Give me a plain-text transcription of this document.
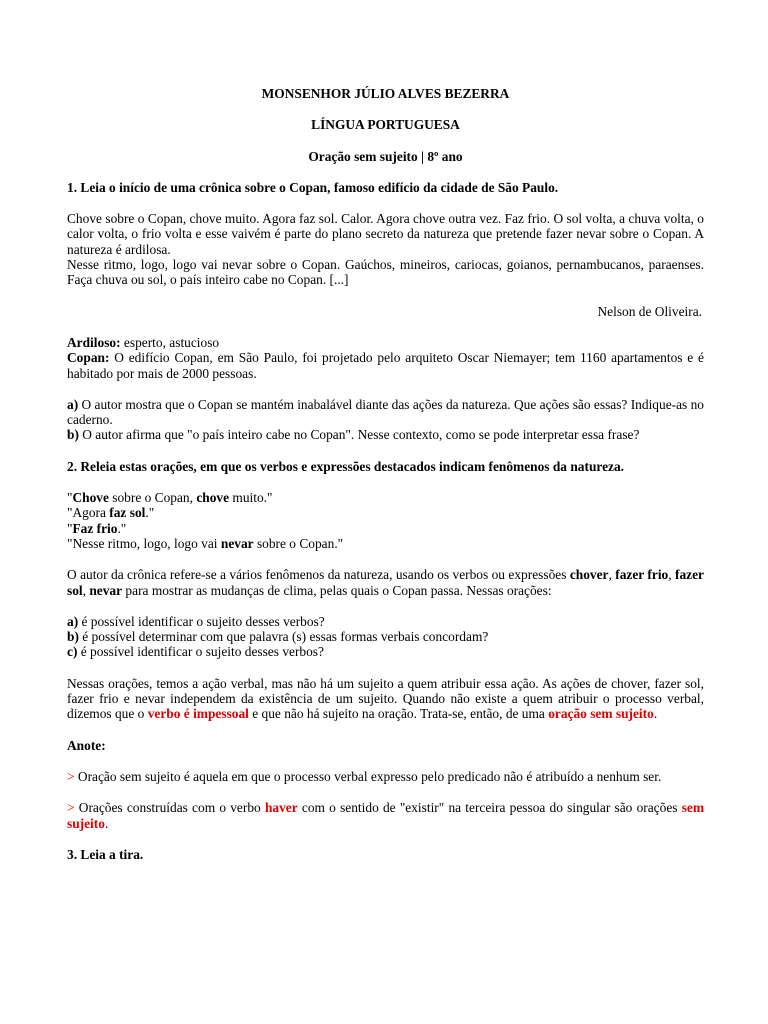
MONSENHOR JÚLIO ALVES BEZERRA

LÍNGUA PORTUGUESA

Oração sem sujeito | 8º ano

1. Leia o início de uma crônica sobre o Copan, famoso edifício da cidade de São Paulo.

Chove sobre o Copan, chove muito. Agora faz sol. Calor. Agora chove outra vez. Faz frio. O sol volta, a chuva volta, o calor volta, o frio volta e esse vaivém é parte do plano secreto da natureza que pretende fazer nevar sobre o Copan. A natureza é ardilosa.

Nesse ritmo, logo, logo vai nevar sobre o Copan. Gaúchos, mineiros, cariocas, goianos, pernambucanos, paraenses. Faça chuva ou sol, o país inteiro cabe no Copan. [...]

Nelson de Oliveira.

Ardiloso: esperto, astucioso

Copan: O edifício Copan, em São Paulo, foi projetado pelo arquiteto Oscar Niemayer; tem 1160 apartamentos e é habitado por mais de 2000 pessoas.

a) O autor mostra que o Copan se mantém inabalável diante das ações da natureza. Que ações são essas? Indique-as no caderno.

b) O autor afirma que "o país inteiro cabe no Copan". Nesse contexto, como se pode interpretar essa frase?

2. Releia estas orações, em que os verbos e expressões destacados indicam fenômenos da natureza.

"Chove sobre o Copan, chove muito."

"Agora faz sol."

"Faz frio."

"Nesse ritmo, logo, logo vai nevar sobre o Copan."

O autor da crônica refere-se a vários fenômenos da natureza, usando os verbos ou expressões chover, fazer frio, fazer sol, nevar para mostrar as mudanças de clima, pelas quais o Copan passa. Nessas orações:

a) é possível identificar o sujeito desses verbos?

b) é possível determinar com que palavra (s) essas formas verbais concordam?

c) é possível identificar o sujeito desses verbos?

Nessas orações, temos a ação verbal, mas não há um sujeito a quem atribuir essa ação. As ações de chover, fazer sol, fazer frio e nevar independem da existência de um sujeito. Quando não existe a quem atribuir o processo verbal, dizemos que o verbo é impessoal e que não há sujeito na oração. Trata-se, então, de uma oração sem sujeito.

Anote:

> Oração sem sujeito é aquela em que o processo verbal expresso pelo predicado não é atribuído a nenhum ser.

> Orações construídas com o verbo haver com o sentido de "existir" na terceira pessoa do singular são orações sem sujeito.

3. Leia a tira.
